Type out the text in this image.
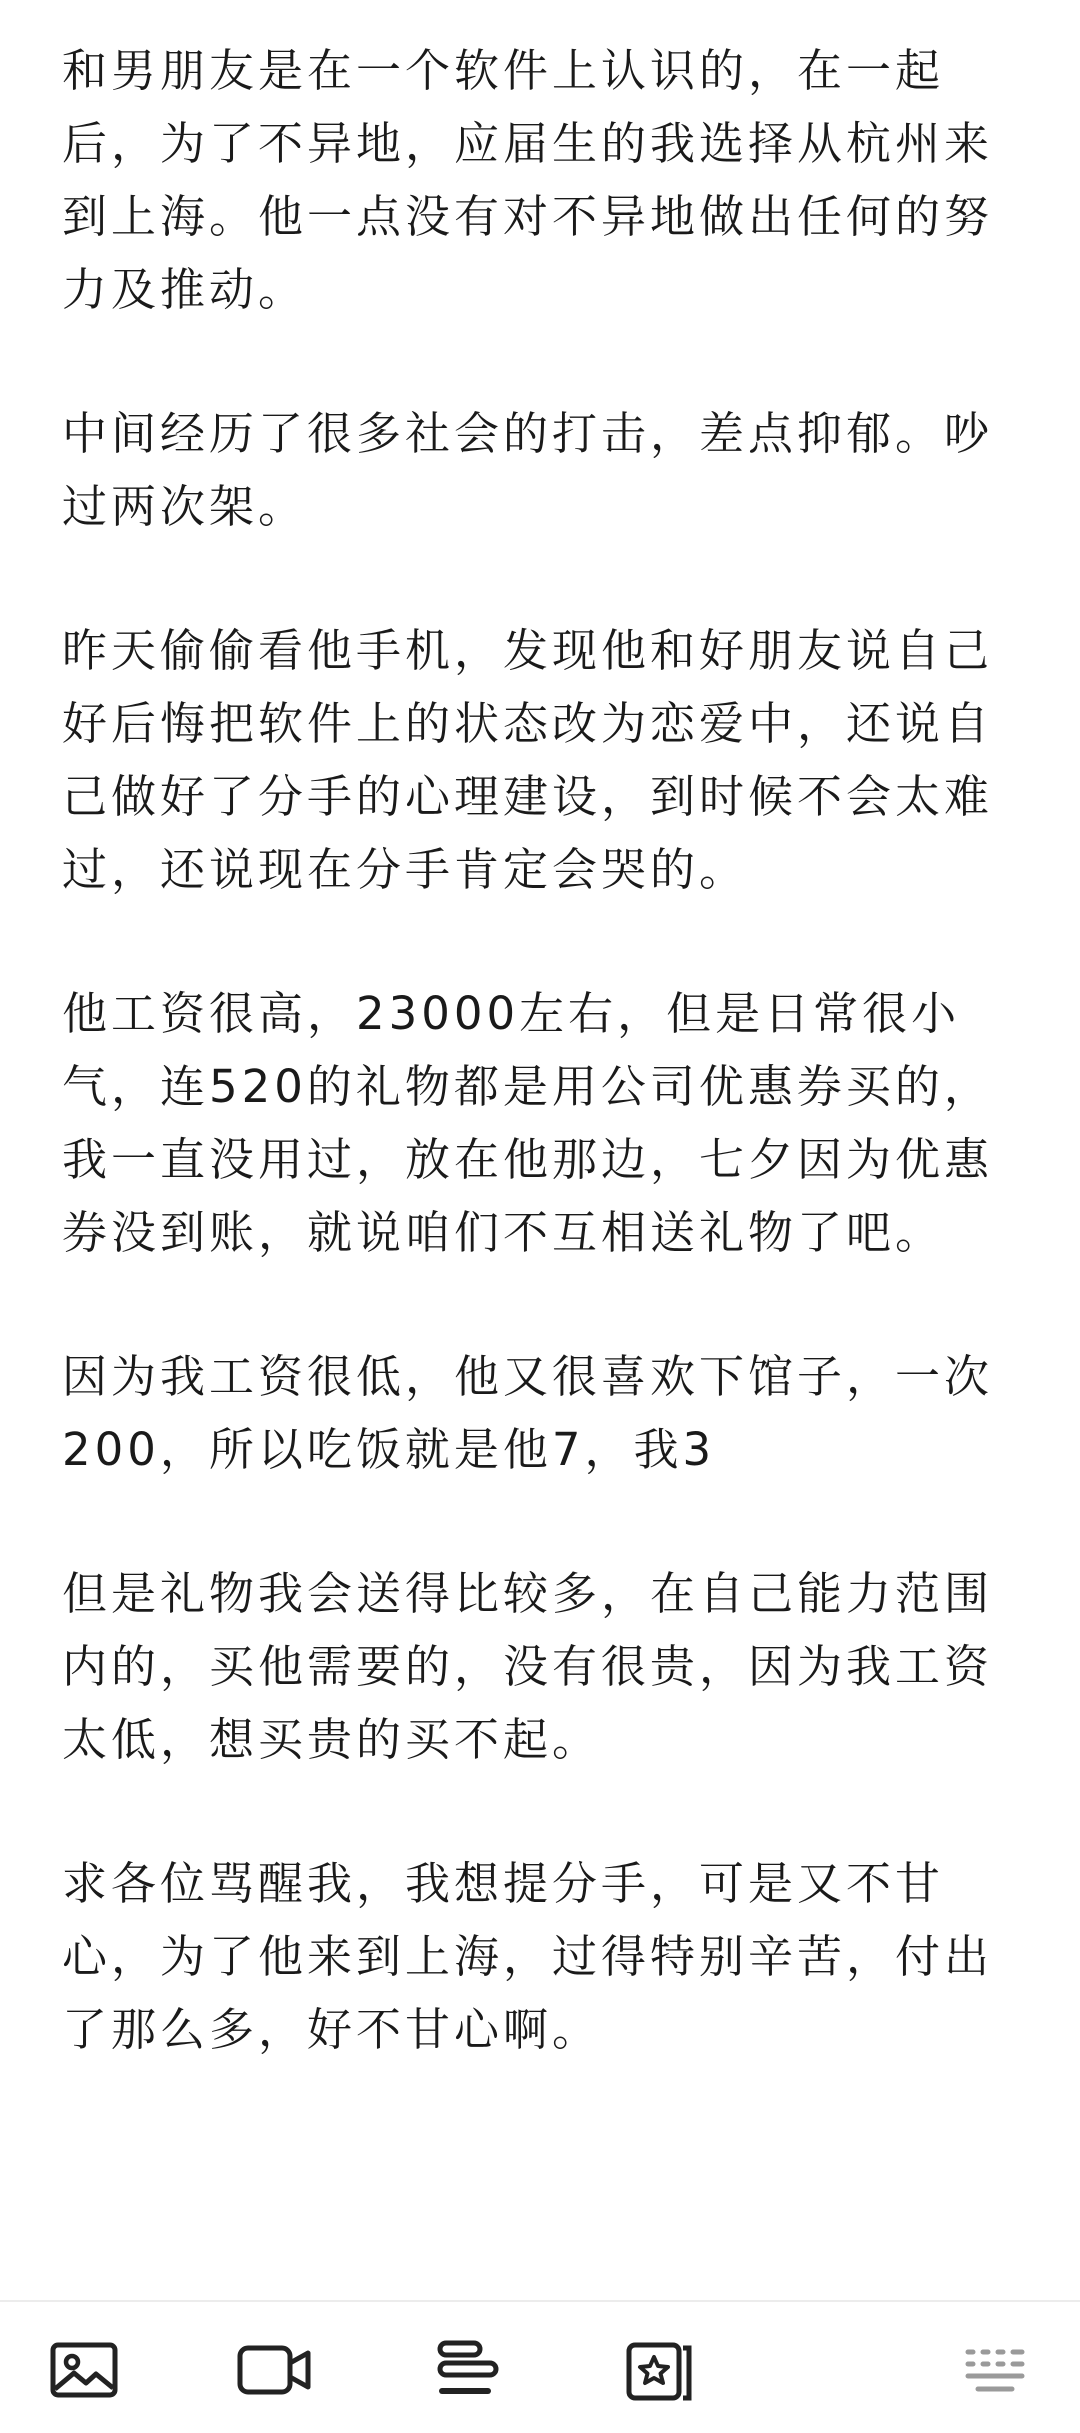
和男朋友是在一个软件上认识的，在一起后，为了不异地，应届生的我选择从杭州来到上海。他一点没有对不异地做出任何的努力及推动。

中间经历了很多社会的打击，差点抑郁。吵过两次架。

昨天偷偷看他手机，发现他和好朋友说自己好后悔把软件上的状态改为恋爱中，还说自己做好了分手的心理建设，到时候不会太难过，还说现在分手肯定会哭的。

他工资很高，23000左右，但是日常很小气，连520的礼物都是用公司优惠券买的，我一直没用过，放在他那边，七夕因为优惠券没到账，就说咱们不互相送礼物了吧。

因为我工资很低，他又很喜欢下馆子，一次200，所以吃饭就是他7，我3

但是礼物我会送得比较多，在自己能力范围内的，买他需要的，没有很贵，因为我工资太低，想买贵的买不起。

求各位骂醒我，我想提分手，可是又不甘心，为了他来到上海，过得特别辛苦，付出了那么多，好不甘心啊。
